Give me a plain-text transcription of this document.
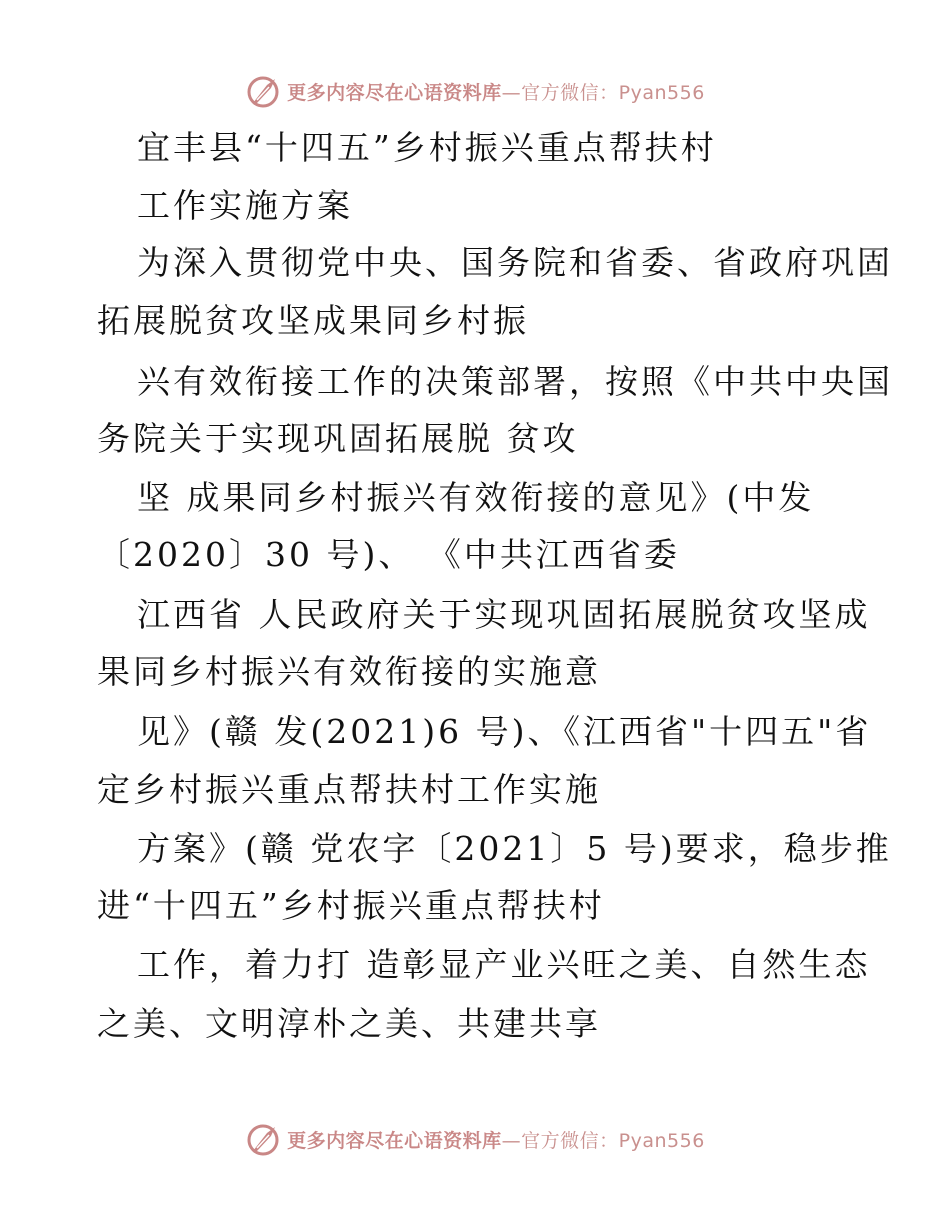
更多内容尽在心语资料库—官方微信：Pyan556
宜丰县“十四五”乡村振兴重点帮扶村
工作实施方案
为深入贯彻党中央、国务院和省委、省政府巩固
拓展脱贫攻坚成果同乡村振
兴有效衔接工作的决策部署，按照《中共中央国
务院关于实现巩固拓展脱 贫攻
坚 成果同乡村振兴有效衔接的意见》(中发
〔2020〕30 号)、 《中共江西省委
江西省 人民政府关于实现巩固拓展脱贫攻坚成
果同乡村振兴有效衔接的实施意
见》(赣 发(2021)6 号)、《江西省"十四五"省
定乡村振兴重点帮扶村工作实施
方案》(赣 党农字〔2021〕5 号)要求，稳步推
进“十四五”乡村振兴重点帮扶村
工作，着力打 造彰显产业兴旺之美、自然生态
之美、文明淳朴之美、共建共享
更多内容尽在心语资料库—官方微信：Pyan556
